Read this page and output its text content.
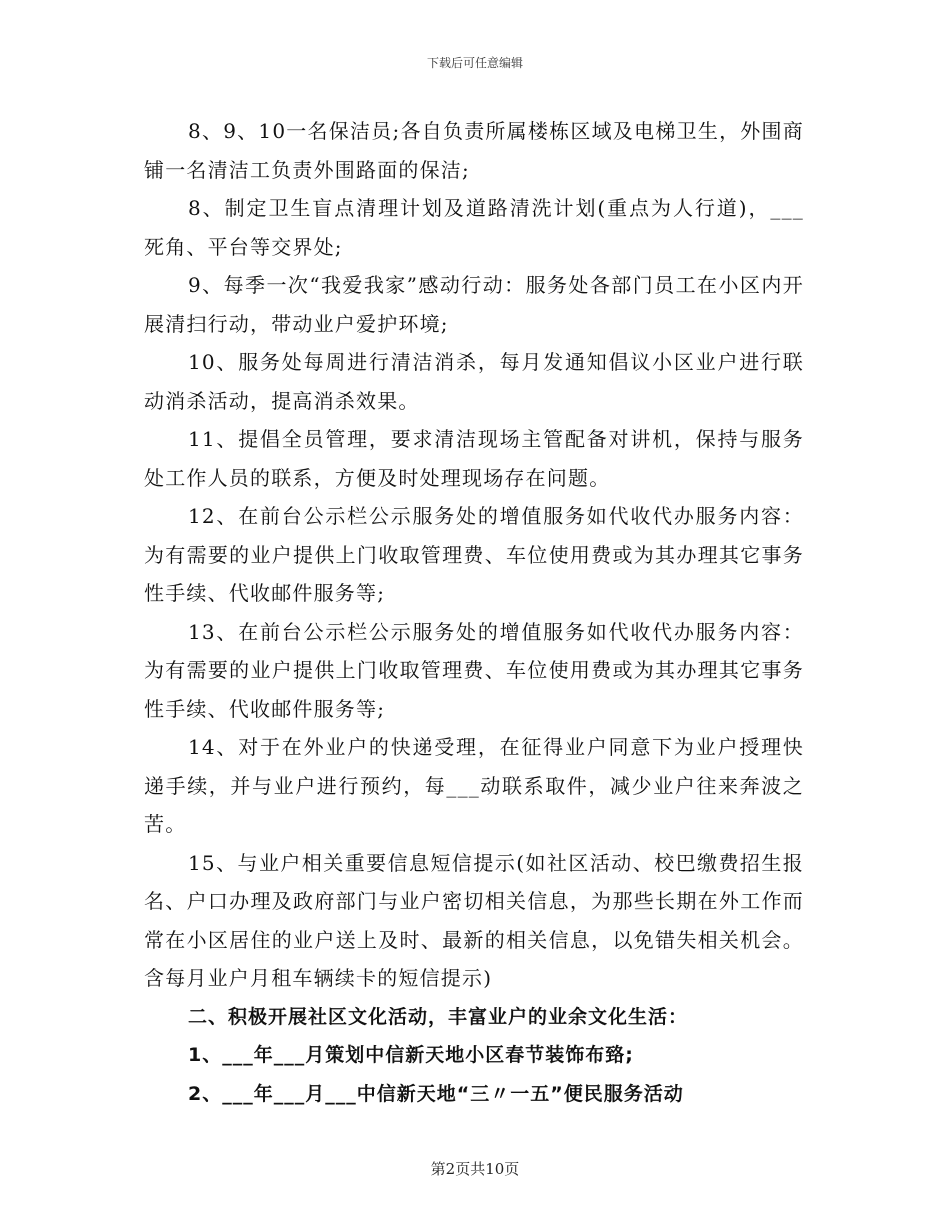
下载后可任意编辑

8、9、10一名保洁员;各自负责所属楼栋区域及电梯卫生，外围商铺一名清洁工负责外围路面的保洁;

8、制定卫生盲点清理计划及道路清洗计划(重点为人行道)，___死角、平台等交界处;

9、每季一次“我爱我家”感动行动：服务处各部门员工在小区内开展清扫行动，带动业户爱护环境;

10、服务处每周进行清洁消杀，每月发通知倡议小区业户进行联动消杀活动，提高消杀效果。

11、提倡全员管理，要求清洁现场主管配备对讲机，保持与服务处工作人员的联系，方便及时处理现场存在问题。

12、在前台公示栏公示服务处的增值服务如代收代办服务内容：为有需要的业户提供上门收取管理费、车位使用费或为其办理其它事务性手续、代收邮件服务等;

13、在前台公示栏公示服务处的增值服务如代收代办服务内容：为有需要的业户提供上门收取管理费、车位使用费或为其办理其它事务性手续、代收邮件服务等;

14、对于在外业户的快递受理，在征得业户同意下为业户授理快递手续，并与业户进行预约，每___动联系取件，减少业户往来奔波之苦。

15、与业户相关重要信息短信提示(如社区活动、校巴缴费招生报名、户口办理及政府部门与业户密切相关信息，为那些长期在外工作而常在小区居住的业户送上及时、最新的相关信息，以免错失相关机会。含每月业户月租车辆续卡的短信提示)

二、积极开展社区文化活动，丰富业户的业余文化生活：

1、___年___月策划中信新天地小区春节装饰布臵;

2、___年___月___中信新天地“三〃一五”便民服务活动

第2页共10页
